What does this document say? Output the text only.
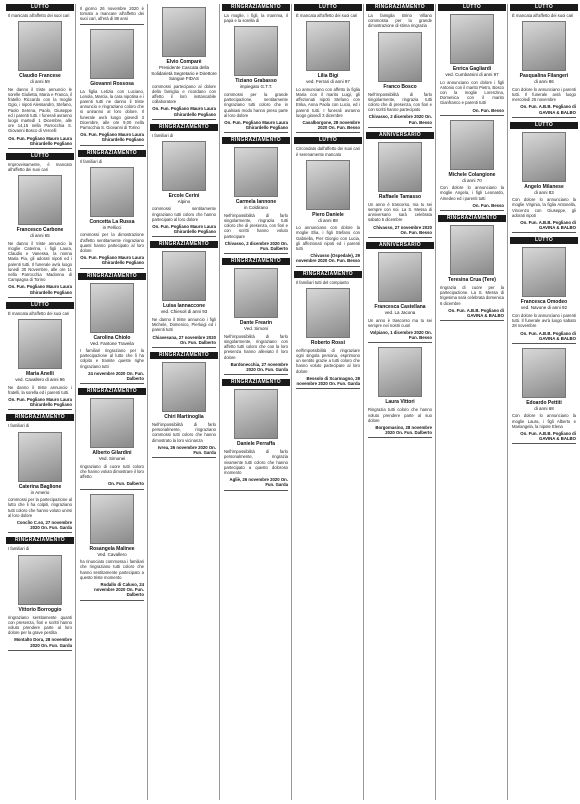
LUTTO
Il manicato all'affetto dei suoi cari
Claudio Francese
di anni 59
Ne danno il triste annuncio le sorelle Giulietta, Maria e Franca, il fratello Riccardo con la moglie Ggio, i nipoti Alessandro, Stefano, Paolo Serena, Paolo, Giuseppe ed i parenti tutti. I funerali avranno luogo martedì 1 Dicembre, alle ore 14,15 nella Parrocchia S. Giovanni Bosco di Vercelli
On. Fun. Pogliano Mauro Laura Ghirardello Pogliano
LUTTO
Improvvisamente, è mancato all'affetto dei suoi cari
Francesco Carbone
di anni 65
Ne danno il triste annuncio la moglie Caterina, i figli Laura, Claudio e Vanessa, la nonna Maria Pia, gli adorati nipoti ed i parenti tutti. Il funerale avrà luogo lunedì 30 Novembre, alle ore 11 nella Parrocchia Madonna di Campagna di Torino
On. Fun. Pogliano Mauro Laura Ghirardello Pogliano
LUTTO
È mancata all'affetto dei suoi cari
Maria Anelli
ved. Cavallero di anni 96
Ne danno il triste annuncio i fratelli, la sorella ed i parenti tutti.
On. Fun. Pogliano Mauro Laura Ghirardello Pogliano
RINGRAZIAMENTO
I familiari di
Caterina Baglione
in Amerio
commossi per la partecipazione al lutto che li ha colpiti, ringraziano tutti coloro che hanno voluto unirsi al loro dolore
Conclìo C.so, 27 novembre 2020 On. Fun. Garda
RINGRAZIAMENTO
I familiari di
Vittorio Borroggio
ringraziano sentitamente quanti con presenza, fiori e scritti hanno voluto prendere parte al loro dolore per la grave perdita
Montalto Dora, 28 novembre 2020 On. Fun. Garda
Il giorno 26 novembre 2020 è tornato a mancare all'affetto dei suoi cari, all'età di 88 anni
Giovanni Rossosa
La figlia Letizia con Luciano, Lenola, Marcia, la cara nipotina e i parenti tutti ne danno il triste annuncio e ringraziano coloro che si uniranno al loro dolore. Il funerale avrà luogo giovedì 3 Dicembre, alle ore 9,00 nella Parrocchia S. Giovanni di Torino
On. Fun. Pogliano Mauro Laura Ghirardello Pogliano
RINGRAZIAMENTO
Il familiari di
Concetta La Russa
in Pellicci
commossi per la dimostrazione d'affetto sentitamente ringraziano quanti hanno partecipato al loro dolore
On. Fun. Pogliano Mauro Laura Ghirardello Pogliano
RINGRAZIAMENTO
Carolina Chiolo
Ved. Fantone Traveila
I familiari ringraziano per la partecipazione al lutto che li ha colpito e tramite queste righe ringraziano tutti
24 novembre 2020 On. Fun. Dalberto
RINGRAZIAMENTO
Alberto Gilardini
Ved. Simonei
ringraziano di cuore tutti coloro che hanno voluto dimostrare il loro affetto
On. Fun. Dalberto
Rosangela Malinee
Ved. Cavallero
ha rinunciato commossa i familiari che ringraziano tutti coloro che hanno sentitamente partecipato a questo triste momento
Rodallo di Caluso, 24 novembre 2020 On. Fun. Dalberto
Elvio Comparè
Presidente Cascata della Solidarietà Segretario e Direttore Sangue FIDAS
commossi partecipano al dolore della famiglia e ricordano con affetto il loro instancabile collaboratore
On. Fun. Pogliano Mauro Laura Ghirardello Pogliano
RINGRAZIAMENTO
I familiari di
Ercole Cerini
Alpino
commossi sentitamente ringraziano tutti coloro che hanno partecipato al loro dolore
On. Fun. Pogliano Mauro Laura Ghirardello Pogliano
RINGRAZIAMENTO
Luisa Iannaccone
ved. Chiesoli di anni 93
Ne danno il triste annuncio i figli Michele, Domenico, Pierluigi ed i parenti tutti
Chiavesana, 27 novembre 2020 On. Fun. Dalberto
RINGRAZIAMENTO
Chiri Martinoglia
Nell'impossibilità di farlo personalmente, ringraziano commossi tutti coloro che hanno dimostrato la loro vicinanza
Ivrea, 26 novembre 2020 On. Fun. Garda
RINGRAZIAMENTO
La moglie, i figli, la mamma, il papà e la sorella di
Tiziano Grabasso
impiegato G.T.T.
commossi per la grande partecipazione, sentitamente ringraziano tutti coloro che in qualsiasi modo hanno preso parte al loro dolore
On. Fun. Pogliano Mauro Laura Ghirardello Pogliano
RINGRAZIAMENTO
Carmela Iannone
in Coldirano
Nell'impossibilità di farlo singolarmente, ringrazia tutti coloro che di presenza, con fiori e con scritti hanno voluto partecipare
Chivasso, 2 dicembre 2020 On. Fun. Dalberto
RINGRAZIAMENTO
Dante Frearin
Ved. Simoni
Nell'impossibilità di farlo singolarmente, ringraziano con affetto tutti coloro che con la loro presenza hanno alleviato il loro dolore
Bardonecchia, 27 novembre 2020 On. Fun. Garda
RINGRAZIAMENTO
Daniele Perraffa
Nell'impossibilità di farlo personalmente, ringrazia vivamente tutti coloro che hanno partecipato a questo doloroso momento
Agliè, 26 novembre 2020 On. Fun. Garda
LUTTO
È mancata all'affetto dei suoi cari
Lilia Bigi
ved. Ferrari di anni 97
Lo annunciano con affetto la figlia Maria con il marito Luigi, gli affezionati nipoti Stefano con Erika, Anna Paola con Lucio, ed i parenti tutti. I funerali avranno luogo giovedì 3 dicembre
Casalborgone, 28 novembre 2020 On. Fun. Besso
LUTTO
Circondato dall'affetto dei suoi cari è serenamente mancato
Piero Daniele
di anni 88
Lo annunciano con dolore la moglie Elia, i figli Stefano con Gabriella, Pier Giorgio con Lucia, gli affezionati nipoti ed i parenti tutti
Chivasso (Ospedale), 29 novembre 2020 On. Fun. Besso
RINGRAZIAMENTO
Il familiari tutti del compianto
Roberto Rossi
nell'impossibilità di ringraziare ogni singola persona, esprimono un sentito grazie a tutti coloro che hanno voluto partecipare al loro dolore
Bessolo di Scarmagno, 28 novembre 2020 On. Fun. Garda
RINGRAZIAMENTO
La famiglia Brino Villano commossa per la grande dimostrazione di stima ringrazia
Franco Bosco
Nell'impossibilità di farlo singolarmente, ringrazia tutti coloro che di presenza, con fiori e con scritti hanno partecipato
Chivasso, 2 dicembre 2020 On. Fun. Besso
ANNIVERSARIO
Raffaele Tamasso
Un anno è trascorso, ma tu sei sempre con noi. La S. Messa di anniversario sarà celebrata sabato 5 dicembre
Chivasso, 27 novembre 2020 On. Fun. Besso
ANNIVERSARIO
Francesca Castellana
ved. La Jacona
Un anno è trascorso ma tu sei sempre nei nostri cuori
Volpiano, 1 dicembre 2020 On. Fun. Besso
Laura Vittori
Ringrazia tutti coloro che hanno voluto prendere parte al suo dolore
Borgomasino, 28 novembre 2020 On. Fun. Dalberto
LUTTO
Enrica Gagliardi
ved. Cumbarsini di anni 97
Lo annunciano con dolore i figli Antonio con il marito Pietro, Bosco con la moglie Lorenzina, Domenica con il marito Gianfranco e parenti tutti
On. Fun. Besso
Michele Colangione
di anni 70
Con dolore lo annunciano la moglie Angela, i figli Leonardo, Amedeo ed i parenti tutti
On. Fun. Besso
RINGRAZIAMENTO
Teresina Crua (Tere)
ringrazia di cuore per la partecipazione. La S. Messa di trigesima sarà celebrata domenica 6 dicembre
On. Fun. A.B.B. Pogliano di GAVINA & BALBO
LUTTO
È mancata all'affetto dei suoi cari
Pasqualina Filangeri
di anni 86
Con dolore lo annunciano i parenti tutti. Il funerale avrà luogo mercoledì 25 novembre
On. Fun. A.B.B. Pogliano di GAVINA & BALBO
LUTTO
Angelo Milanese
di anni 83
Con dolore lo annunciano la moglie Virginia, la figlia Antonella, Vincenzo con Giuseppe, gli adorati nipoti
On. Fun. A.B.B. Pogliano di GAVINA & BALBO
LUTTO
Francesca Omodeo
ved. Navone di anni 92
Con dolore lo annunciano i parenti tutti. Il funerale avrà luogo sabato 28 novembre
On. Fun. A.B.B. Pogliano di GAVINA & BALBO
Edoardo Pettiti
di anni 68
Con dolore lo annunciano la moglie Laura, i figli Alberto e Mariangela, la nipote Elena
On. Fun. A.B.B. Pogliano di GAVINA & BALBO
